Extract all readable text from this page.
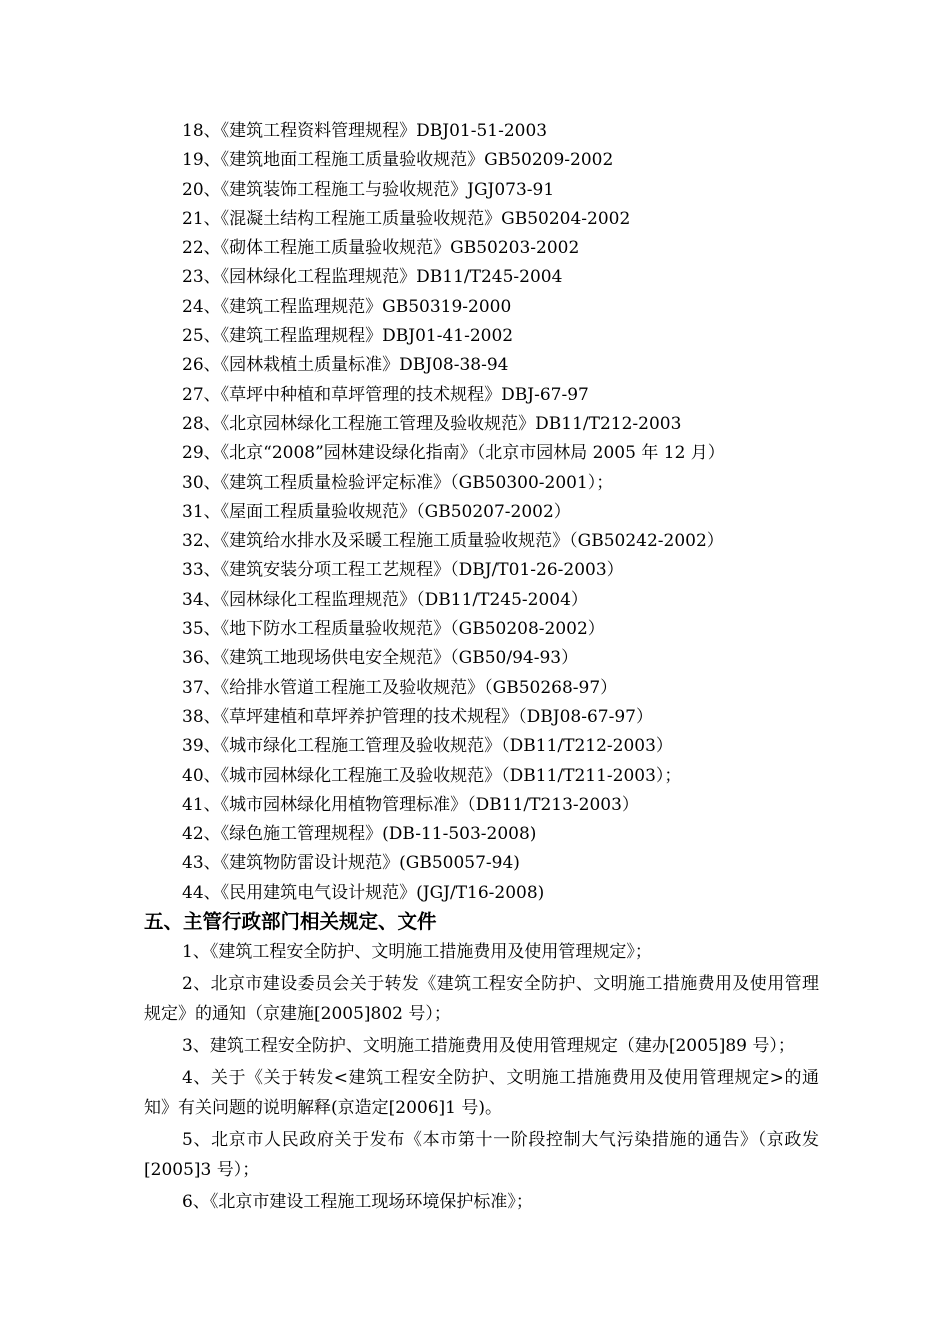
18、《建筑工程资料管理规程》DBJ01-51-2003
19、《建筑地面工程施工质量验收规范》GB50209-2002
20、《建筑装饰工程施工与验收规范》JGJ073-91
21、《混凝土结构工程施工质量验收规范》GB50204-2002
22、《砌体工程施工质量验收规范》GB50203-2002
23、《园林绿化工程监理规范》DB11/T245-2004
24、《建筑工程监理规范》GB50319-2000
25、《建筑工程监理规程》DBJ01-41-2002
26、《园林栽植土质量标准》DBJ08-38-94
27、《草坪中种植和草坪管理的技术规程》DBJ-67-97
28、《北京园林绿化工程施工管理及验收规范》DB11/T212-2003
29、《北京“2008”园林建设绿化指南》（北京市园林局 2005 年 12 月）
30、《建筑工程质量检验评定标准》（GB50300-2001）；
31、《屋面工程质量验收规范》（GB50207-2002）
32、《建筑给水排水及采暖工程施工质量验收规范》（GB50242-2002）
33、《建筑安装分项工程工艺规程》（DBJ/T01-26-2003）
34、《园林绿化工程监理规范》（DB11/T245-2004）
35、《地下防水工程质量验收规范》（GB50208-2002）
36、《建筑工地现场供电安全规范》（GB50/94-93）
37、《给排水管道工程施工及验收规范》（GB50268-97）
38、《草坪建植和草坪养护管理的技术规程》（DBJ08-67-97）
39、《城市绿化工程施工管理及验收规范》（DB11/T212-2003）
40、《城市园林绿化工程施工及验收规范》（DB11/T211-2003）；
41、《城市园林绿化用植物管理标准》（DB11/T213-2003）
42、《绿色施工管理规程》(DB-11-503-2008)
43、《建筑物防雷设计规范》(GB50057-94)
44、《民用建筑电气设计规范》(JGJ/T16-2008)
五、主管行政部门相关规定、文件

1、《建筑工程安全防护、文明施工措施费用及使用管理规定》；

2、北京市建设委员会关于转发《建筑工程安全防护、文明施工措施费用及使用管理规定》的通知（京建施[2005]802 号）；

3、建筑工程安全防护、文明施工措施费用及使用管理规定（建办[2005]89 号）；

4、关于《关于转发<建筑工程安全防护、文明施工措施费用及使用管理规定>的通知》有关问题的说明解释(京造定[2006]1 号)。

5、北京市人民政府关于发布《本市第十一阶段控制大气污染措施的通告》（京政发[2005]3 号）；

6、《北京市建设工程施工现场环境保护标准》；
